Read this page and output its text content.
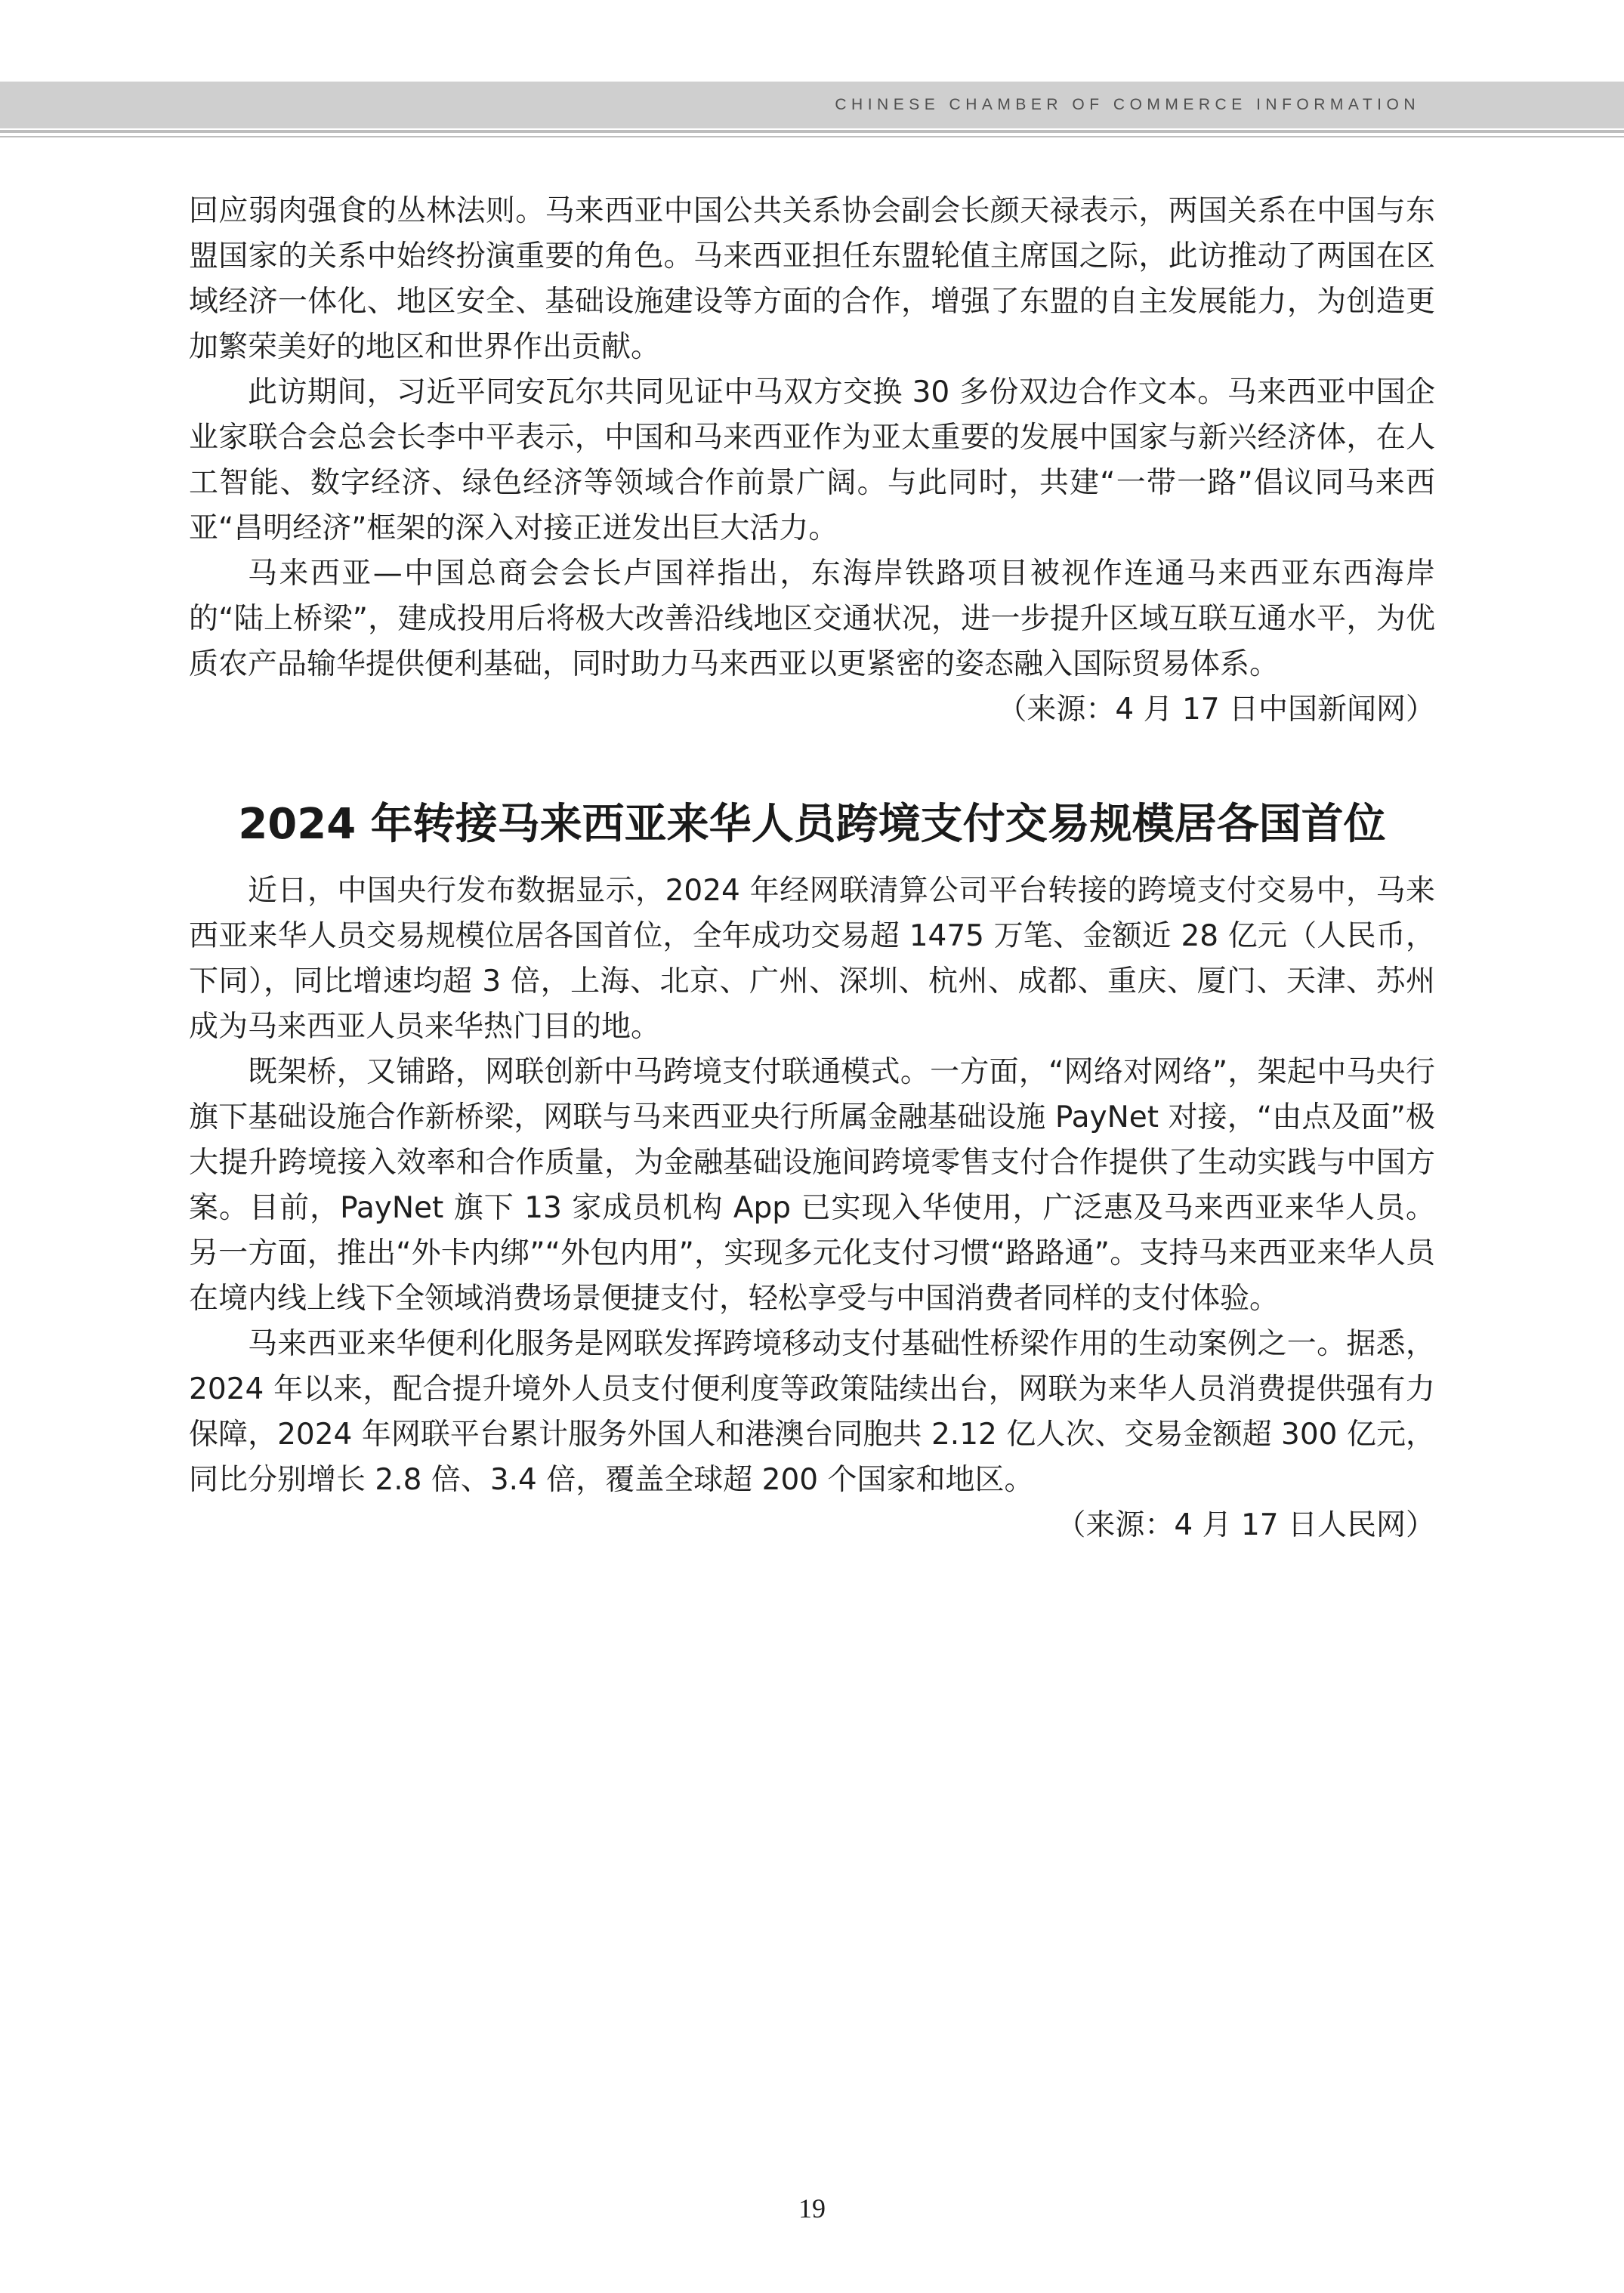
CHINESE CHAMBER OF COMMERCE INFORMATION

回应弱肉强食的丛林法则。马来西亚中国公共关系协会副会长颜天禄表示，两国关系在中国与东盟国家的关系中始终扮演重要的角色。马来西亚担任东盟轮值主席国之际，此访推动了两国在区域经济一体化、地区安全、基础设施建设等方面的合作，增强了东盟的自主发展能力，为创造更加繁荣美好的地区和世界作出贡献。

此访期间，习近平同安瓦尔共同见证中马双方交换 30 多份双边合作文本。马来西亚中国企业家联合会总会长李中平表示，中国和马来西亚作为亚太重要的发展中国家与新兴经济体，在人工智能、数字经济、绿色经济等领域合作前景广阔。与此同时，共建“一带一路”倡议同马来西亚“昌明经济”框架的深入对接正迸发出巨大活力。

马来西亚—中国总商会会长卢国祥指出，东海岸铁路项目被视作连通马来西亚东西海岸的“陆上桥梁”，建成投用后将极大改善沿线地区交通状况，进一步提升区域互联互通水平，为优质农产品输华提供便利基础，同时助力马来西亚以更紧密的姿态融入国际贸易体系。

（来源：4 月 17 日中国新闻网）

2024 年转接马来西亚来华人员跨境支付交易规模居各国首位

近日，中国央行发布数据显示，2024 年经网联清算公司平台转接的跨境支付交易中，马来西亚来华人员交易规模位居各国首位，全年成功交易超 1475 万笔、金额近 28 亿元（人民币，下同），同比增速均超 3 倍，上海、北京、广州、深圳、杭州、成都、重庆、厦门、天津、苏州成为马来西亚人员来华热门目的地。

既架桥，又铺路，网联创新中马跨境支付联通模式。一方面，“网络对网络”，架起中马央行旗下基础设施合作新桥梁，网联与马来西亚央行所属金融基础设施 PayNet 对接，“由点及面”极大提升跨境接入效率和合作质量，为金融基础设施间跨境零售支付合作提供了生动实践与中国方案。目前，PayNet 旗下 13 家成员机构 App 已实现入华使用，广泛惠及马来西亚来华人员。另一方面，推出“外卡内绑”“外包内用”，实现多元化支付习惯“路路通”。支持马来西亚来华人员在境内线上线下全领域消费场景便捷支付，轻松享受与中国消费者同样的支付体验。

马来西亚来华便利化服务是网联发挥跨境移动支付基础性桥梁作用的生动案例之一。据悉，2024 年以来，配合提升境外人员支付便利度等政策陆续出台，网联为来华人员消费提供强有力保障，2024 年网联平台累计服务外国人和港澳台同胞共 2.12 亿人次、交易金额超 300 亿元，同比分别增长 2.8 倍、3.4 倍，覆盖全球超 200 个国家和地区。

（来源：4 月 17 日人民网）

19
